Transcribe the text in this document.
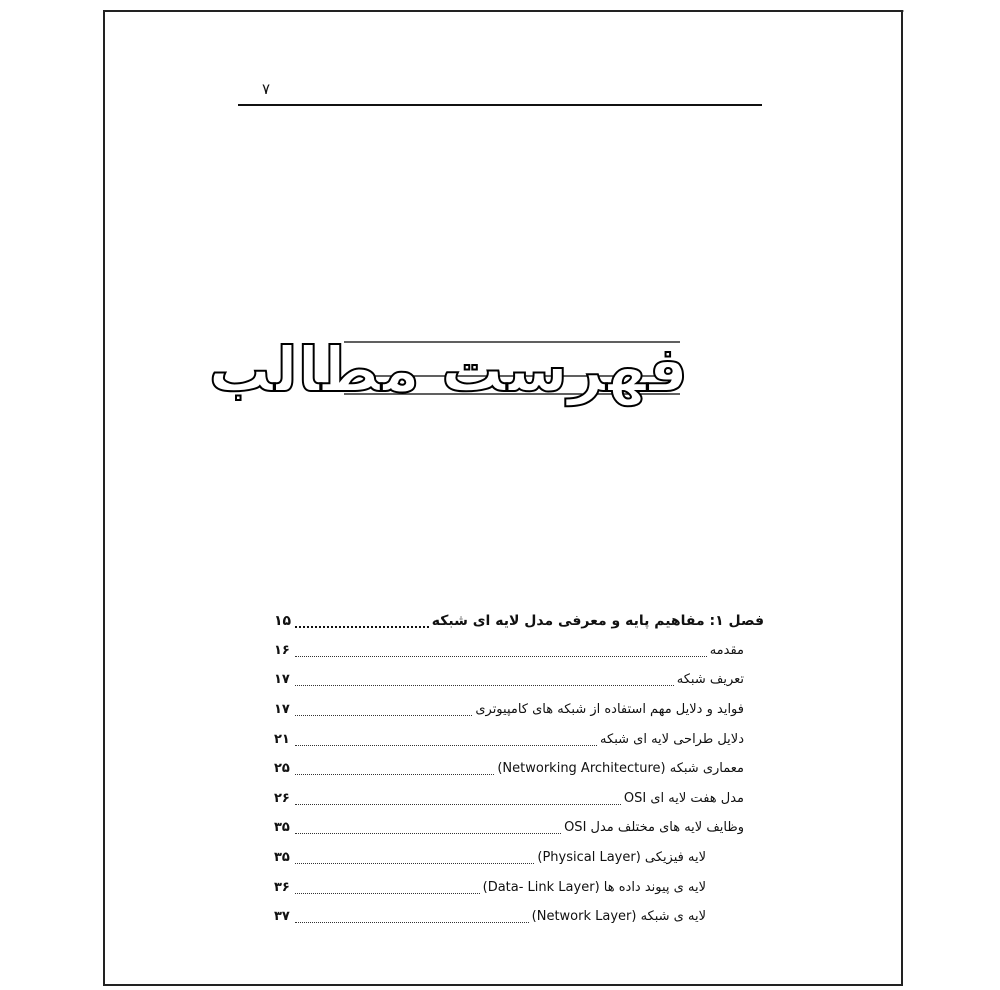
۷
فهرست مطالب
فصل ۱: مفاهیم پایه و معرفی مدل لایه ای شبکه
۱۵
مقدمه
۱۶
تعریف شبکه
۱۷
فواید و دلایل مهم استفاده از شبکه های کامپیوتری
۱۷
دلایل طراحی لایه ای شبکه
۲۱
معماری شبکه (Networking Architecture)
۲۵
مدل هفت لایه ای OSI
۲۶
وظایف لایه های مختلف مدل OSI
۳۵
لایه فیزیکی (Physical Layer)
۳۵
لایه ی پیوند داده ها (Data- Link Layer)
۳۶
لایه ی شبکه (Network Layer)
۳۷
